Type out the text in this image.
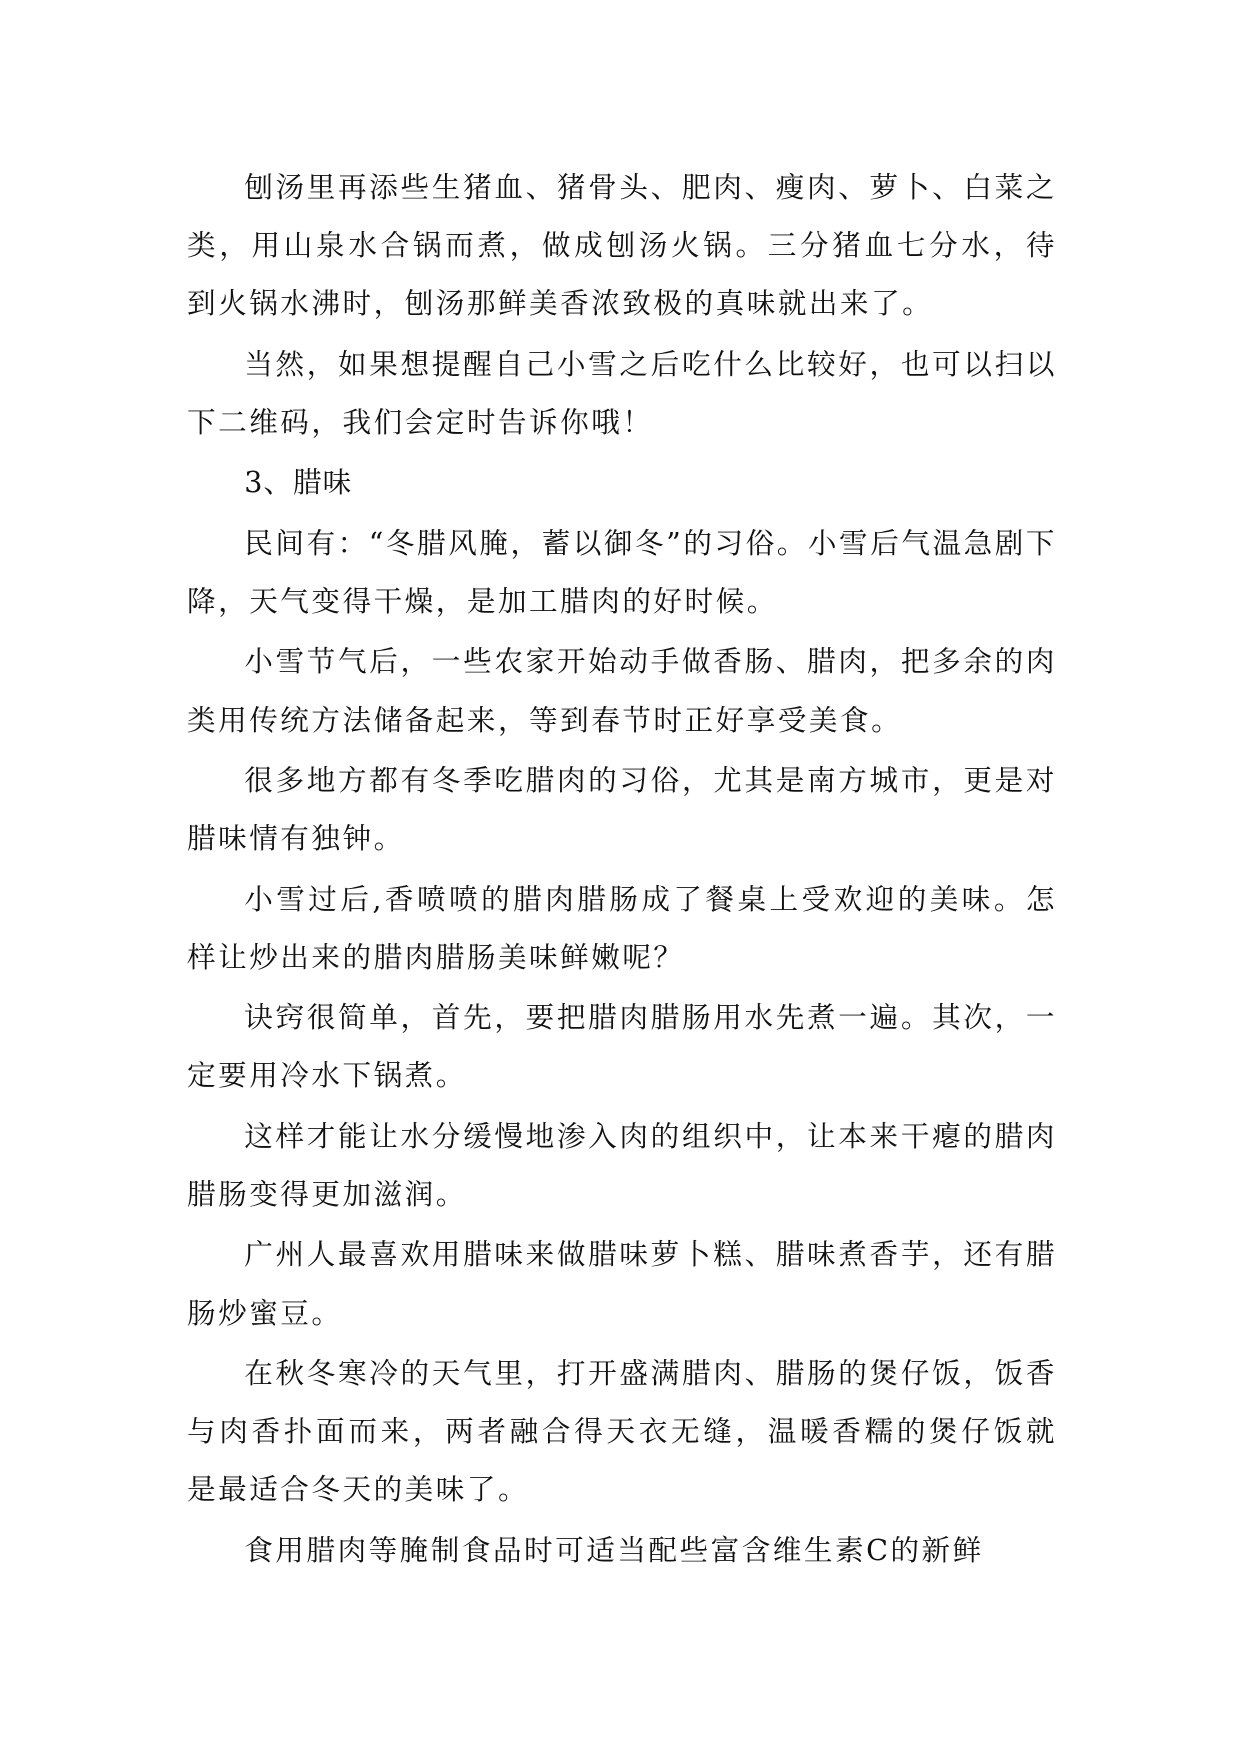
刨汤里再添些生猪血、猪骨头、肥肉、瘦肉、萝卜、白菜之类，用山泉水合锅而煮，做成刨汤火锅。三分猪血七分水，待到火锅水沸时，刨汤那鲜美香浓致极的真味就出来了。

当然，如果想提醒自己小雪之后吃什么比较好，也可以扫以下二维码，我们会定时告诉你哦！

3、腊味

民间有：“冬腊风腌，蓄以御冬”的习俗。小雪后气温急剧下降，天气变得干燥，是加工腊肉的好时候。

小雪节气后，一些农家开始动手做香肠、腊肉，把多余的肉类用传统方法储备起来，等到春节时正好享受美食。

很多地方都有冬季吃腊肉的习俗，尤其是南方城市，更是对腊味情有独钟。

小雪过后,香喷喷的腊肉腊肠成了餐桌上受欢迎的美味。怎样让炒出来的腊肉腊肠美味鲜嫩呢？

诀窍很简单，首先，要把腊肉腊肠用水先煮一遍。其次，一定要用冷水下锅煮。

这样才能让水分缓慢地渗入肉的组织中，让本来干瘪的腊肉腊肠变得更加滋润。

广州人最喜欢用腊味来做腊味萝卜糕、腊味煮香芋，还有腊肠炒蜜豆。

在秋冬寒冷的天气里，打开盛满腊肉、腊肠的煲仔饭，饭香与肉香扑面而来，两者融合得天衣无缝，温暖香糯的煲仔饭就是最适合冬天的美味了。

食用腊肉等腌制食品时可适当配些富含维生素C的新鲜
